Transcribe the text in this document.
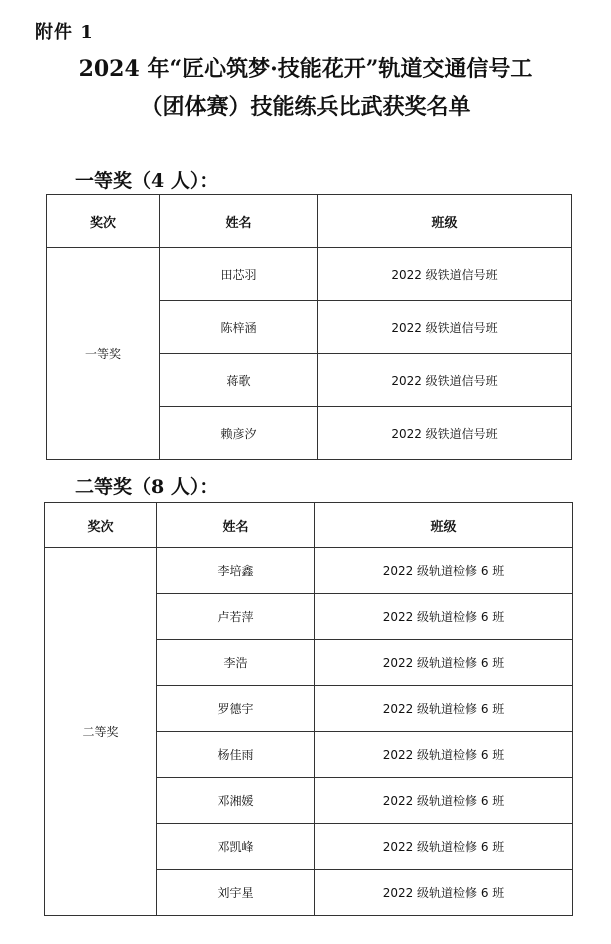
附件 1
2024 年“匠心筑梦·技能花开”轨道交通信号工
（团体赛）技能练兵比武获奖名单
一等奖（4 人）：
奖次	姓名	班级
一等奖	田芯羽	2022 级铁道信号班
	陈梓涵	2022 级铁道信号班
	蒋歌	2022 级铁道信号班
	赖彦汐	2022 级铁道信号班
二等奖（8 人）：
奖次	姓名	班级
二等奖	李培鑫	2022 级轨道检修 6 班
	卢若萍	2022 级轨道检修 6 班
	李浩	2022 级轨道检修 6 班
	罗德宇	2022 级轨道检修 6 班
	杨佳雨	2022 级轨道检修 6 班
	邓湘媛	2022 级轨道检修 6 班
	邓凯峰	2022 级轨道检修 6 班
	刘宇星	2022 级轨道检修 6 班
